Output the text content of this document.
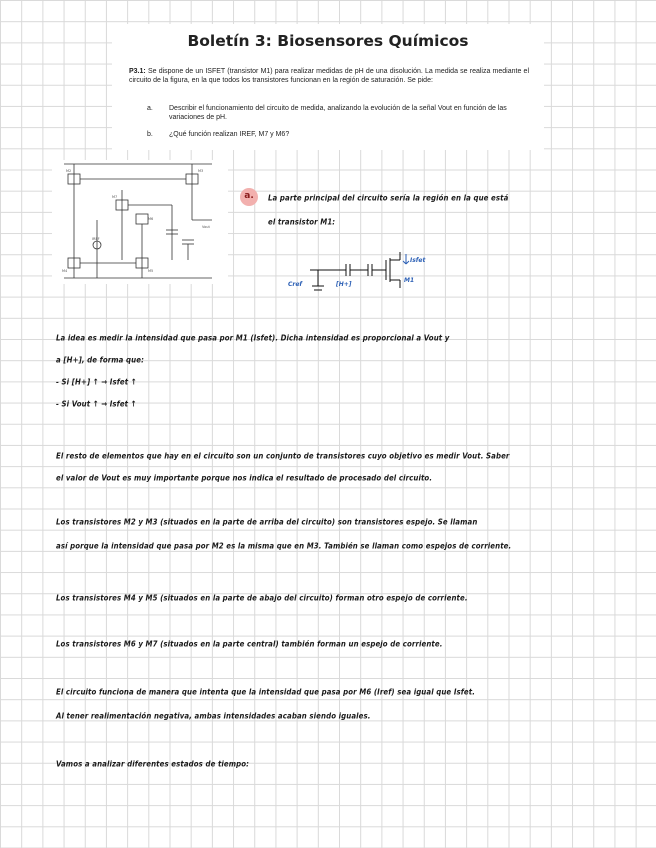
Boletín 3: Biosensores Químicos
P3.1: Se dispone de un ISFET (transistor M1) para realizar medidas de pH de una disolución. La medida se realiza mediante el circuito de la figura, en la que todos los transistores funcionan en la región de saturación. Se pide:
a. Describir el funcionamiento del circuito de medida, analizando la evolución de la señal Vout en función de las variaciones de pH.
b. ¿Qué función realizan IREF, M7 y M6?
M2	M3
M7
M6
M4	M5
Vout
IREF
a.	La parte principal del circuito sería la región en la que está
el transistor M1:
Isfet
M1
Cref	[H+]
La idea es medir la intensidad que pasa por M1 (Isfet). Dicha intensidad es proporcional a Vout y
a [H+], de forma que:
- Si [H+] ↑ → Isfet ↑
- Si Vout ↑ → Isfet ↑
El resto de elementos que hay en el circuito son un conjunto de transistores cuyo objetivo es medir Vout. Saber
el valor de Vout es muy importante porque nos indica el resultado de procesado del circuito.
Los transistores M2 y M3 (situados en la parte de arriba del circuito) son transistores espejo. Se llaman
así porque la intensidad que pasa por M2 es la misma que en M3. También se llaman como espejos de corriente.
Los transistores M4 y M5 (situados en la parte de abajo del circuito) forman otro espejo de corriente.
Los transistores M6 y M7 (situados en la parte central) también forman un espejo de corriente.
El circuito funciona de manera que intenta que la intensidad que pasa por M6 (Iref) sea igual que Isfet.
Al tener realimentación negativa, ambas intensidades acaban siendo iguales.
Vamos a analizar diferentes estados de tiempo:
